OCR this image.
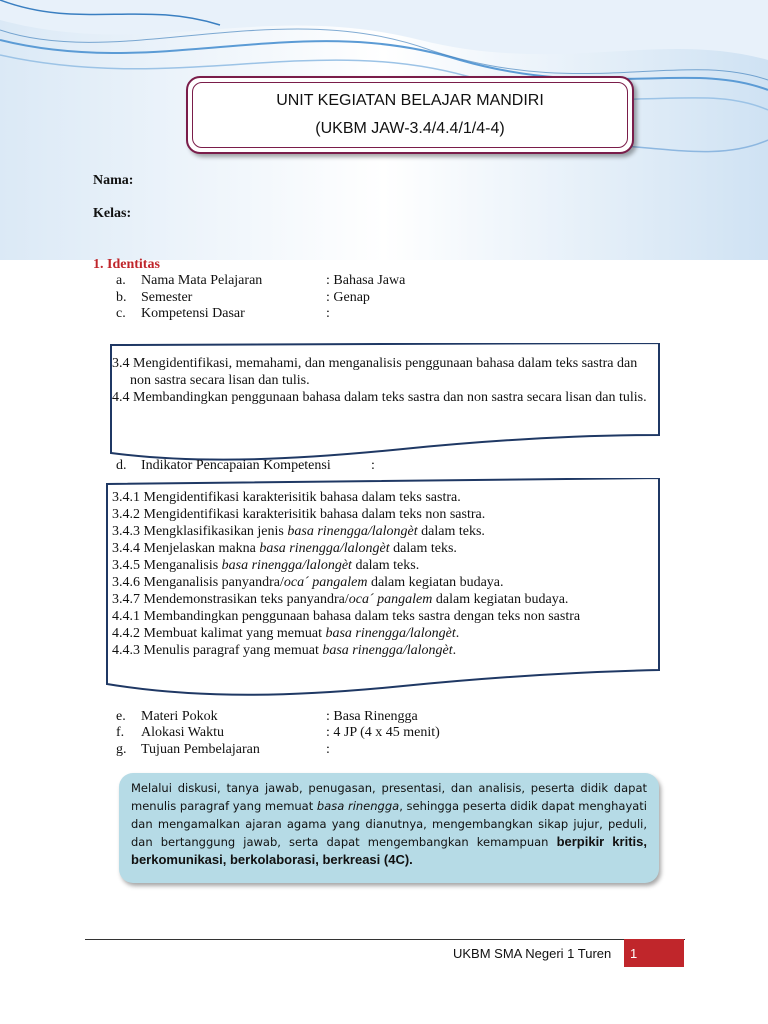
UNIT KEGIATAN BELAJAR MANDIRI
(UKBM JAW-3.4/4.4/1/4-4)
Nama:
Kelas:
1. Identitas
a. Nama Mata Pelajaran	: Bahasa Jawa
b. Semester	: Genap
c. Kompetensi Dasar	:
3.4 Mengidentifikasi, memahami, dan menganalisis penggunaan bahasa dalam teks sastra dan non sastra secara lisan dan tulis.
4.4 Membandingkan penggunaan bahasa dalam teks sastra dan non sastra secara lisan dan tulis.
d. Indikator Pencapaian Kompetensi	:
3.4.1 Mengidentifikasi karakterisitik bahasa dalam teks sastra.
3.4.2 Mengidentifikasi karakterisitik bahasa dalam teks non sastra.
3.4.3 Mengklasifikasikan jenis basa rinengga/lalongèt dalam teks.
3.4.4 Menjelaskan makna basa rinengga/lalongèt dalam teks.
3.4.5 Menganalisis basa rinengga/lalongèt dalam teks.
3.4.6 Menganalisis panyandra/oca´ pangalem dalam kegiatan budaya.
3.4.7 Mendemonstrasikan teks panyandra/oca´ pangalem dalam kegiatan budaya.
4.4.1 Membandingkan penggunaan bahasa dalam teks sastra dengan teks non sastra
4.4.2 Membuat kalimat yang memuat basa rinengga/lalongèt.
4.4.3 Menulis paragraf yang memuat basa rinengga/lalongèt.
e. Materi Pokok	: Basa Rinengga
f. Alokasi Waktu	: 4 JP (4 x 45 menit)
g. Tujuan Pembelajaran	:
Melalui diskusi, tanya jawab, penugasan, presentasi, dan analisis, peserta didik dapat menulis paragraf yang memuat basa rinengga, sehingga peserta didik dapat menghayati dan mengamalkan ajaran agama yang dianutnya, mengembangkan sikap jujur, peduli, dan bertanggung jawab, serta dapat mengembangkan kemampuan berpikir kritis, berkomunikasi, berkolaborasi, berkreasi (4C).
UKBM SMA Negeri 1 Turen	1
